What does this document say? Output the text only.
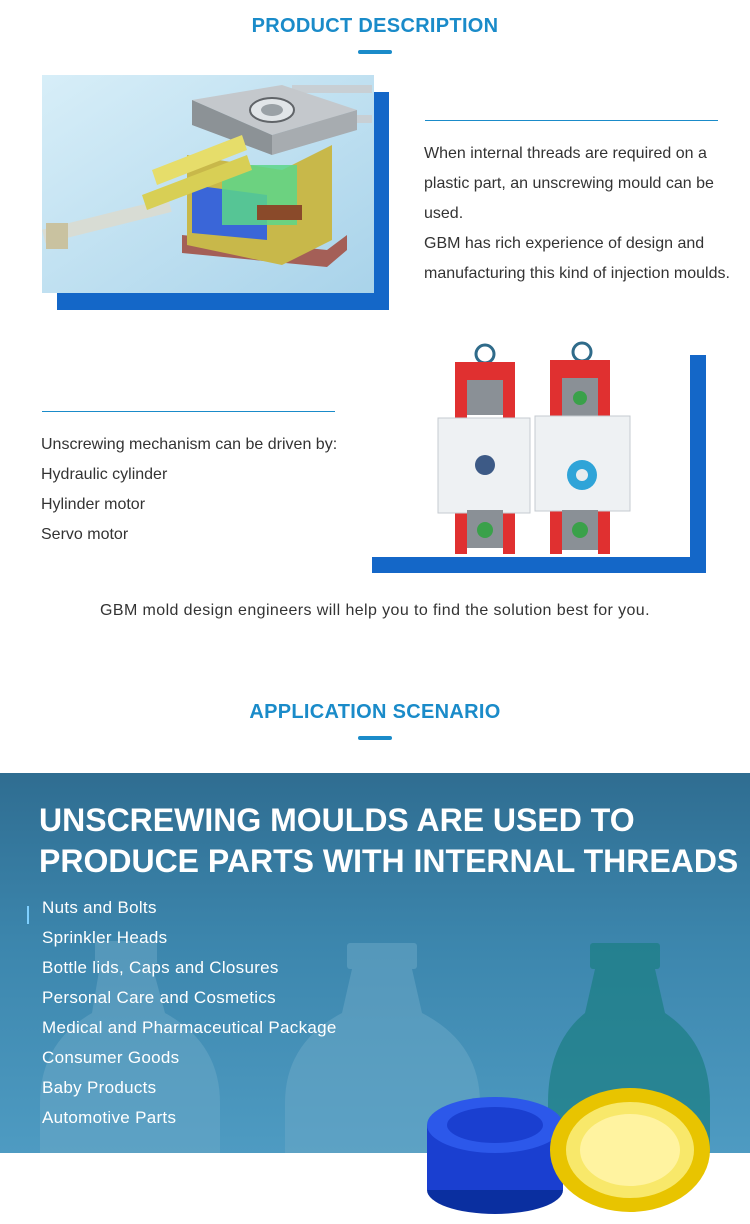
PRODUCT DESCRIPTION

When internal threads are required on a

plastic part, an unscrewing mould can be

used.

GBM has rich experience of design and

manufacturing this kind of injection moulds.

Unscrewing mechanism can be driven by:

Hydraulic cylinder

Hylinder motor

Servo motor

GBM mold design engineers will help you to find the solution best for you.
APPLICATION SCENARIO
UNSCREWING MOULDS ARE USED TO
PRODUCE PARTS WITH INTERNAL THREADS
Nuts and Bolts
Sprinkler Heads
Bottle lids, Caps and Closures
Personal Care and Cosmetics
Medical and Pharmaceutical Package
Consumer Goods
Baby Products
Automotive Parts
